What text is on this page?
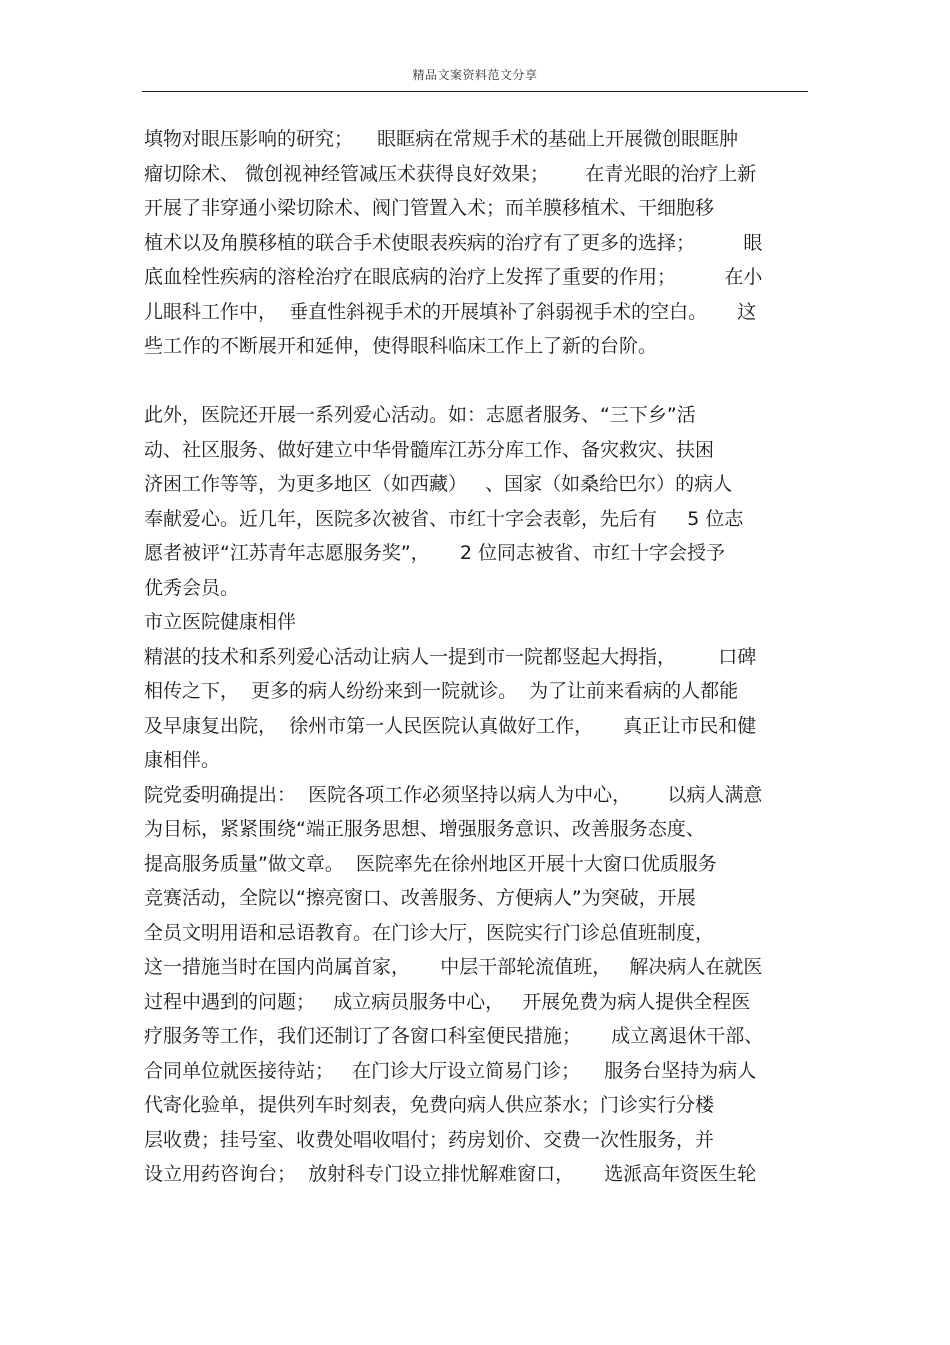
精品文案资料范文分享
填物对眼压影响的研究；    眼眶病在常规手术的基础上开展微创眼眶肿
瘤切除术、 微创视神经管减压术获得良好效果；      在青光眼的治疗上新
开展了非穿通小梁切除术、阀门管置入术；而羊膜移植术、干细胞移
植术以及角膜移植的联合手术使眼表疾病的治疗有了更多的选择；        眼
底血栓性疾病的溶栓治疗在眼底病的治疗上发挥了重要的作用；        在小
儿眼科工作中，  垂直性斜视手术的开展填补了斜弱视手术的空白。     这
些工作的不断展开和延伸，使得眼科临床工作上了新的台阶。
此外，医院还开展一系列爱心活动。如：志愿者服务、“三下乡”活
动、社区服务、做好建立中华骨髓库江苏分库工作、备灾救灾、扶困
济困工作等等，为更多地区（如西藏）   、国家（如桑给巴尔）的病人
奉献爱心。近几年，医院多次被省、市红十字会表彰，先后有     5 位志
愿者被评“江苏青年志愿服务奖”，     2 位同志被省、市红十字会授予
优秀会员。
市立医院健康相伴
精湛的技术和系列爱心活动让病人一提到市一院都竖起大拇指，       口碑
相传之下，  更多的病人纷纷来到一院就诊。  为了让前来看病的人都能
及早康复出院，  徐州市第一人民医院认真做好工作，     真正让市民和健
康相伴。
院党委明确提出：  医院各项工作必须坚持以病人为中心，      以病人满意
为目标，紧紧围绕“端正服务思想、增强服务意识、改善服务态度、
提高服务质量”做文章。  医院率先在徐州地区开展十大窗口优质服务
竞赛活动，全院以“擦亮窗口、改善服务、方便病人”为突破，开展
全员文明用语和忌语教育。在门诊大厅，医院实行门诊总值班制度，
这一措施当时在国内尚属首家，     中层干部轮流值班，   解决病人在就医
过程中遇到的问题；   成立病员服务中心，   开展免费为病人提供全程医
疗服务等工作，我们还制订了各窗口科室便民措施；     成立离退休干部、
合同单位就医接待站；   在门诊大厅设立简易门诊；    服务台坚持为病人
代寄化验单，提供列车时刻表，免费向病人供应茶水；门诊实行分楼
层收费；挂号室、收费处唱收唱付；药房划价、交费一次性服务，并
设立用药咨询台；  放射科专门设立排忧解难窗口，     选派高年资医生轮
